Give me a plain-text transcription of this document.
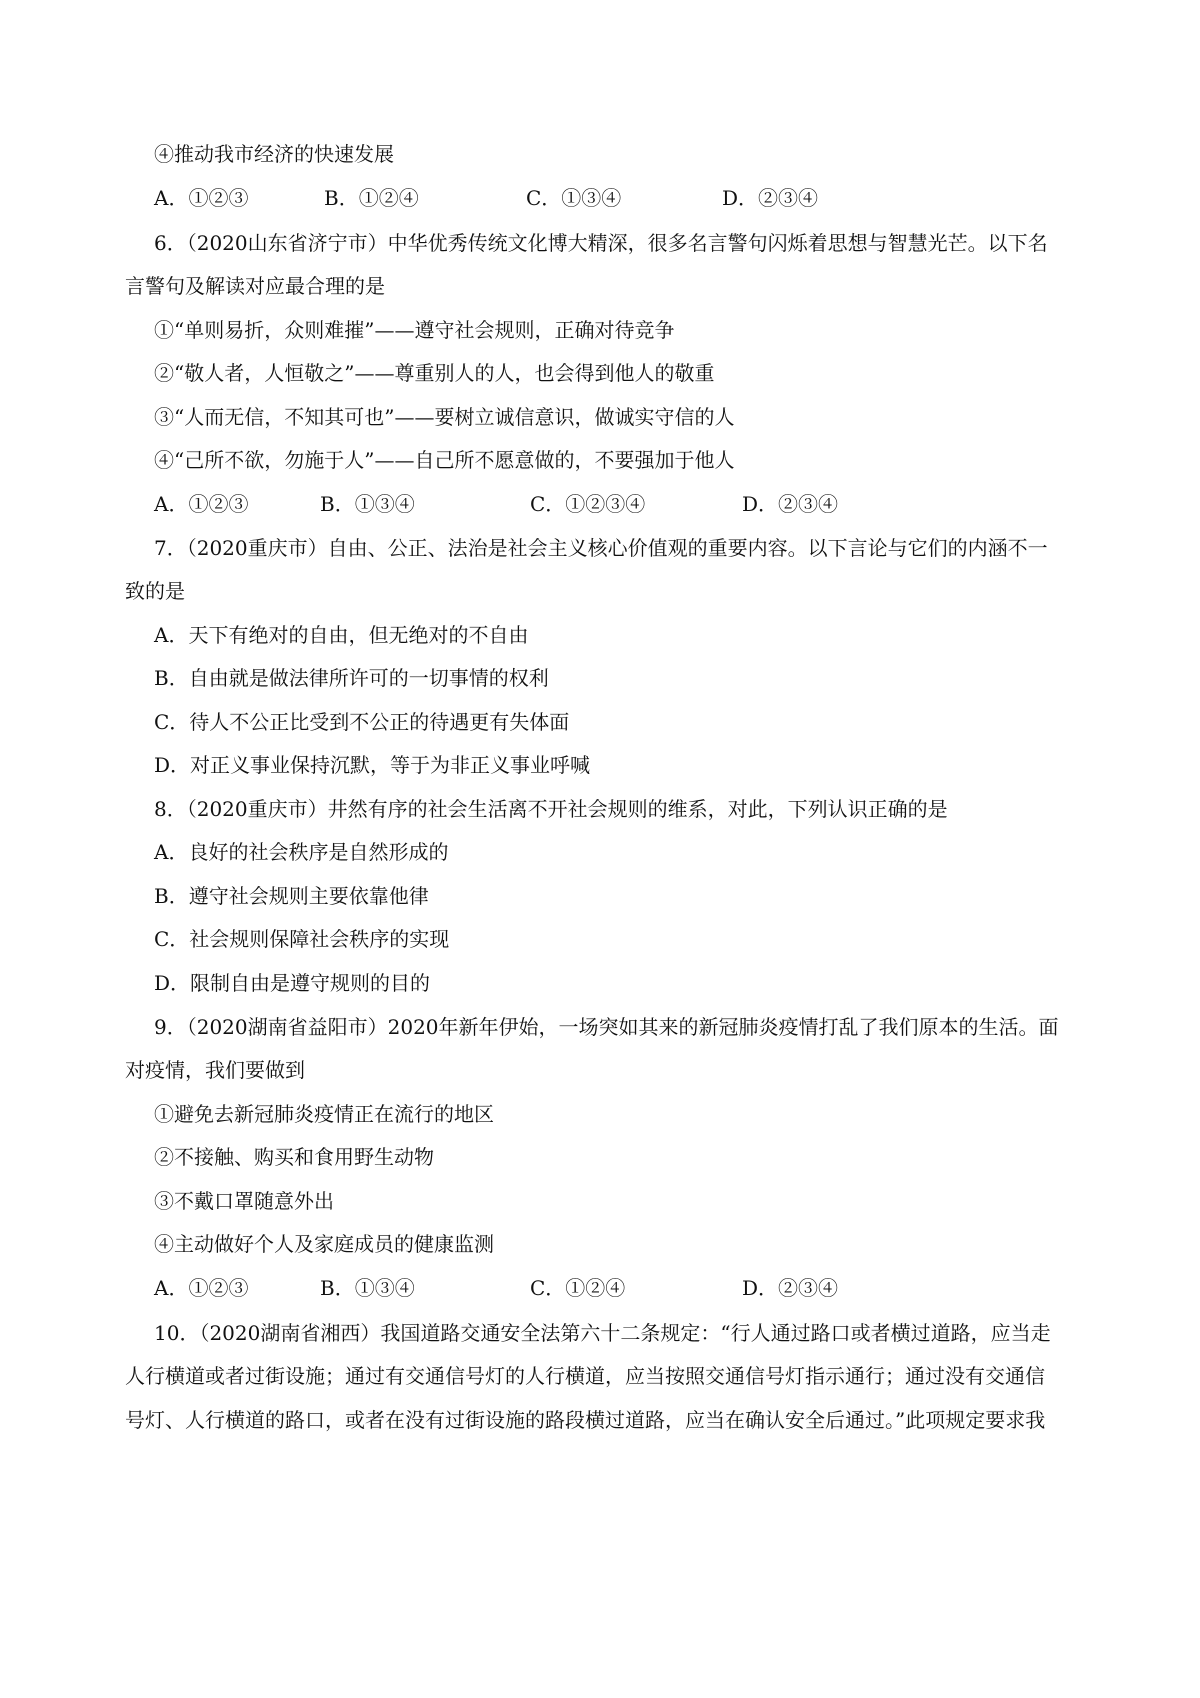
④推动我市经济的快速发展
A．①②③	B．①②④	C．①③④	D．②③④
6．（2020山东省济宁市）中华优秀传统文化博大精深，很多名言警句闪烁着思想与智慧光芒。以下名
言警句及解读对应最合理的是
①“单则易折，众则难摧”——遵守社会规则，正确对待竞争
②“敬人者，人恒敬之”——尊重别人的人，也会得到他人的敬重
③“人而无信，不知其可也”——要树立诚信意识，做诚实守信的人
④“己所不欲，勿施于人”——自己所不愿意做的，不要强加于他人
A．①②③	B．①③④	C．①②③④	D．②③④
7．（2020重庆市）自由、公正、法治是社会主义核心价值观的重要内容。以下言论与它们的内涵不一
致的是
A．天下有绝对的自由，但无绝对的不自由
B．自由就是做法律所许可的一切事情的权利
C．待人不公正比受到不公正的待遇更有失体面
D．对正义事业保持沉默，等于为非正义事业呼喊
8．（2020重庆市）井然有序的社会生活离不开社会规则的维系，对此，下列认识正确的是
A．良好的社会秩序是自然形成的
B．遵守社会规则主要依靠他律
C．社会规则保障社会秩序的实现
D．限制自由是遵守规则的目的
9．（2020湖南省益阳市）2020年新年伊始，一场突如其来的新冠肺炎疫情打乱了我们原本的生活。面
对疫情，我们要做到
①避免去新冠肺炎疫情正在流行的地区
②不接触、购买和食用野生动物
③不戴口罩随意外出
④主动做好个人及家庭成员的健康监测
A．①②③	B．①③④	C．①②④	D．②③④
10．（2020湖南省湘西）我国道路交通安全法第六十二条规定：“行人通过路口或者横过道路，应当走
人行横道或者过街设施；通过有交通信号灯的人行横道，应当按照交通信号灯指示通行；通过没有交通信
号灯、人行横道的路口，或者在没有过街设施的路段横过道路，应当在确认安全后通过。”此项规定要求我
